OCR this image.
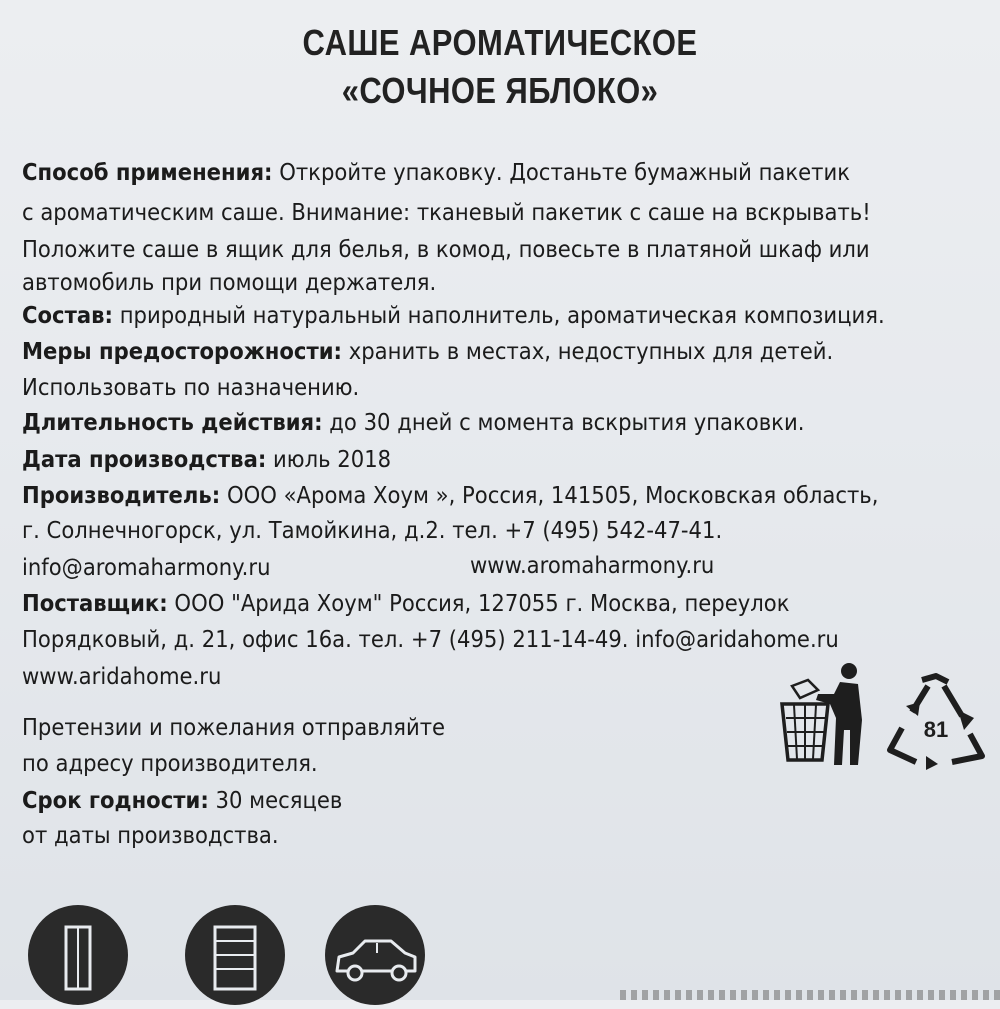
САШЕ АРОМАТИЧЕСКОЕ
«СОЧНОЕ ЯБЛОКО»
Способ применения: Откройте упаковку. Достаньте бумажный пакетик
с ароматическим саше. Внимание: тканевый пакетик с саше на вскрывать!
Положите саше в ящик для белья, в комод, повесьте в платяной шкаф или
автомобиль при помощи держателя.
Состав: природный натуральный наполнитель, ароматическая композиция.
Меры предосторожности: хранить в местах, недоступных для детей.
Использовать по назначению.
Длительность действия: до 30 дней с момента вскрытия упаковки.
Дата производства: июль 2018
Производитель: ООО «Арома Хоум », Россия, 141505, Московская область,
г. Солнечногорск, ул. Тамойкина, д.2. тел. +7 (495) 542-47-41.
info@aromaharmony.ru	www.aromaharmony.ru
Поставщик: ООО "Арида Хоум" Россия, 127055 г. Москва, переулок
Порядковый, д. 21, офис 16а. тел. +7 (495) 211-14-49. info@aridahome.ru
www.aridahome.ru
Претензии и пожелания отправляйте
по адресу производителя.
Срок годности: 30 месяцев
от даты производства.
81
